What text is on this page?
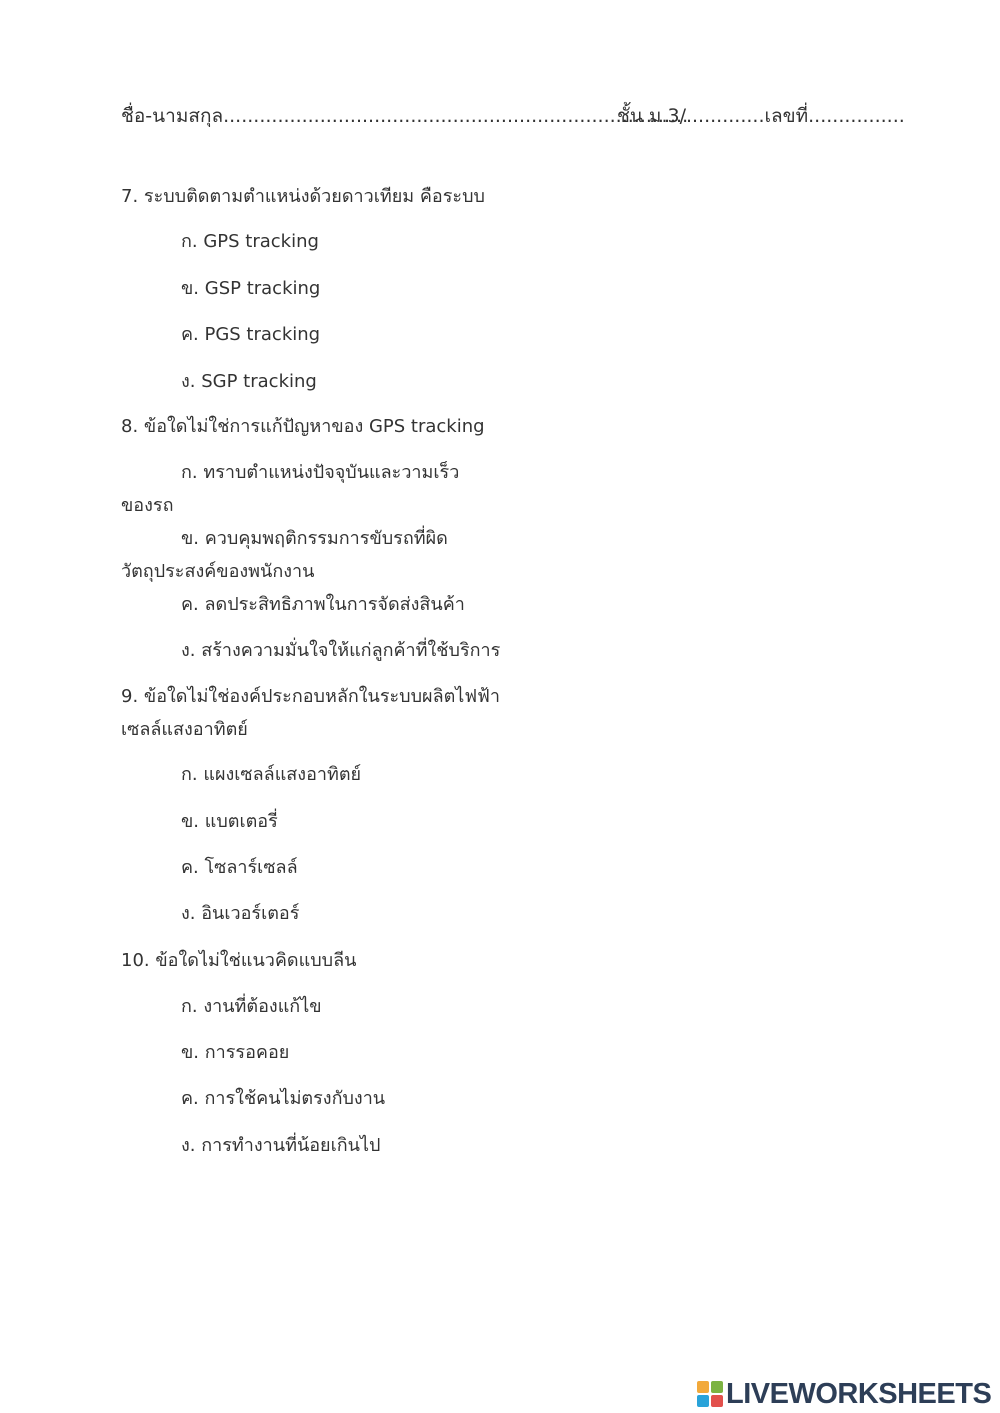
ชื่อ-นามสกุล.............................................................................
ชั้น ม.3/.............เลขที่................
7. ระบบติดตามตำแหน่งด้วยดาวเทียม คือระบบ
ก. GPS tracking
ข. GSP tracking
ค. PGS tracking
ง. SGP tracking
8. ข้อใดไม่ใช่การแก้ปัญหาของ GPS tracking
ก. ทราบตำแหน่งปัจจุบันและวามเร็ว
ของรถ
ข. ควบคุมพฤติกรรมการขับรถที่ผิด
วัตถุประสงค์ของพนักงาน
ค. ลดประสิทธิภาพในการจัดส่งสินค้า
ง. สร้างความมั่นใจให้แก่ลูกค้าที่ใช้บริการ
9. ข้อใดไม่ใช่องค์ประกอบหลักในระบบผลิตไฟฟ้า
เซลล์แสงอาทิตย์
ก. แผงเซลล์แสงอาทิตย์
ข. แบตเตอรี่
ค. โซลาร์เซลล์
ง. อินเวอร์เตอร์
10. ข้อใดไม่ใช่แนวคิดแบบลีน
ก. งานที่ต้องแก้ไข
ข. การรอคอย
ค. การใช้คนไม่ตรงกับงาน
ง. การทำงานที่น้อยเกินไป
LIVEWORKSHEETS
